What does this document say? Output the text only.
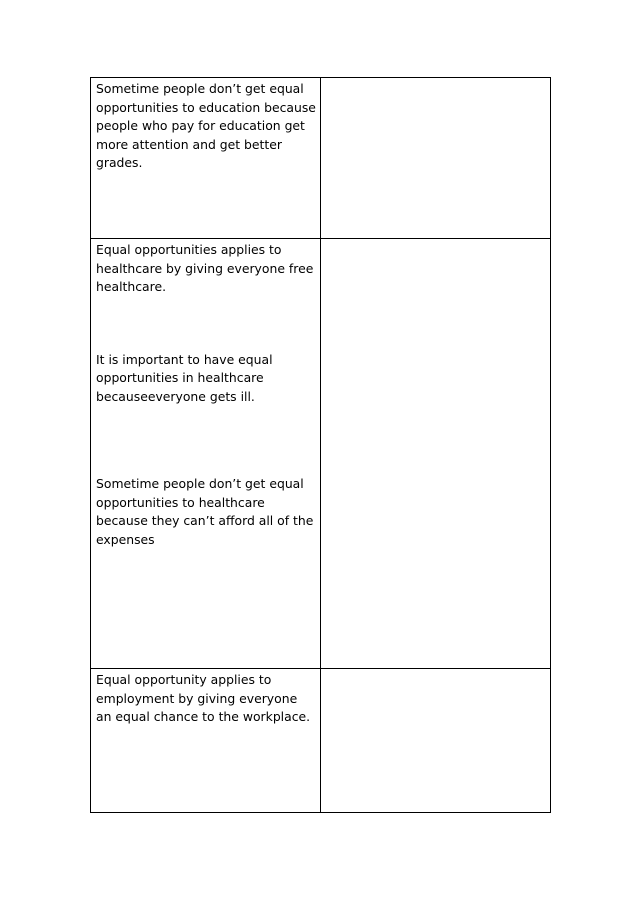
Sometime people don’t get equal opportunities to education because people who pay for education get more attention and get better grades.	

Equal opportunities applies to healthcare by giving everyone free healthcare.

It is important to have equal opportunities in healthcare becauseeveryone gets ill.

Sometime people don’t get equal opportunities to healthcare because they can’t afford all of the expenses	

Equal opportunity applies to employment by giving everyone an equal chance to the workplace.	
